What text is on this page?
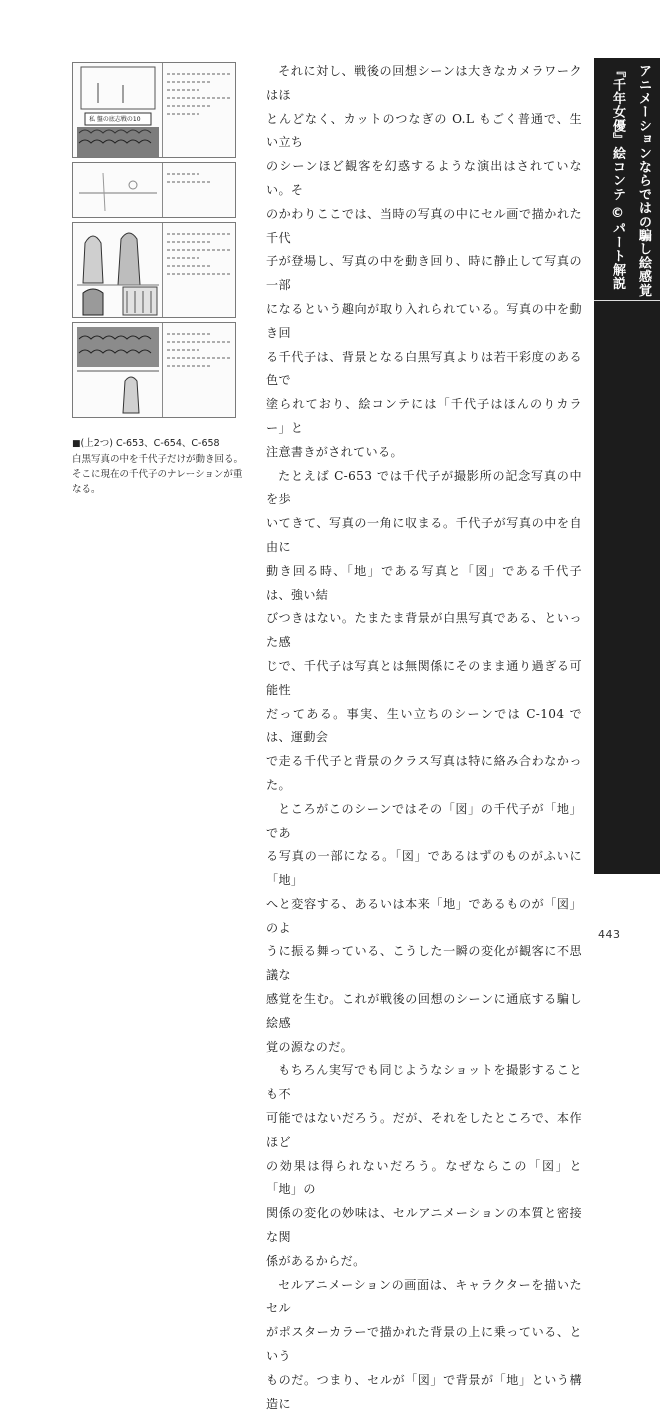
私 盤の底志戦の10
■(上2つ) C-653、C-654、C-658
白黒写真の中を千代子だけが動き回る。
そこに現在の千代子のナレーションが重
なる。
それに対し、戦後の回想シーンは大きなカメラワークはほ
とんどなく、カットのつなぎの O.L もごく普通で、生い立ち
のシーンほど観客を幻惑するような演出はされていない。そ
のかわりここでは、当時の写真の中にセル画で描かれた千代
子が登場し、写真の中を動き回り、時に静止して写真の一部
になるという趣向が取り入れられている。写真の中を動き回
る千代子は、背景となる白黒写真よりは若干彩度のある色で
塗られており、絵コンテには「千代子はほんのりカラー」と
注意書きがされている。
たとえば C-653 では千代子が撮影所の記念写真の中を歩
いてきて、写真の一角に収まる。千代子が写真の中を自由に
動き回る時、「地」である写真と「図」である千代子は、強い結
びつきはない。たまたま背景が白黒写真である、といった感
じで、千代子は写真とは無関係にそのまま通り過ぎる可能性
だってある。事実、生い立ちのシーンでは C-104 では、運動会
で走る千代子と背景のクラス写真は特に絡み合わなかった。
ところがこのシーンではその「図」の千代子が「地」であ
る写真の一部になる。「図」であるはずのものがふいに「地」
へと変容する、あるいは本来「地」であるものが「図」のよ
うに振る舞っている、こうした一瞬の変化が観客に不思議な
感覚を生む。これが戦後の回想のシーンに通底する騙し絵感
覚の源なのだ。
もちろん実写でも同じようなショットを撮影することも不
可能ではないだろう。だが、それをしたところで、本作ほど
の効果は得られないだろう。なぜならこの「図」と「地」の
関係の変化の妙味は、セルアニメーションの本質と密接な関
係があるからだ。
セルアニメーションの画面は、キャラクターを描いたセル
がポスターカラーで描かれた背景の上に乗っている、という
ものだ。つまり、セルが「図」で背景が「地」という構造に
アニメーションならではの騙し絵感覚
『千年女優』絵コンテ ©パート解説
443
